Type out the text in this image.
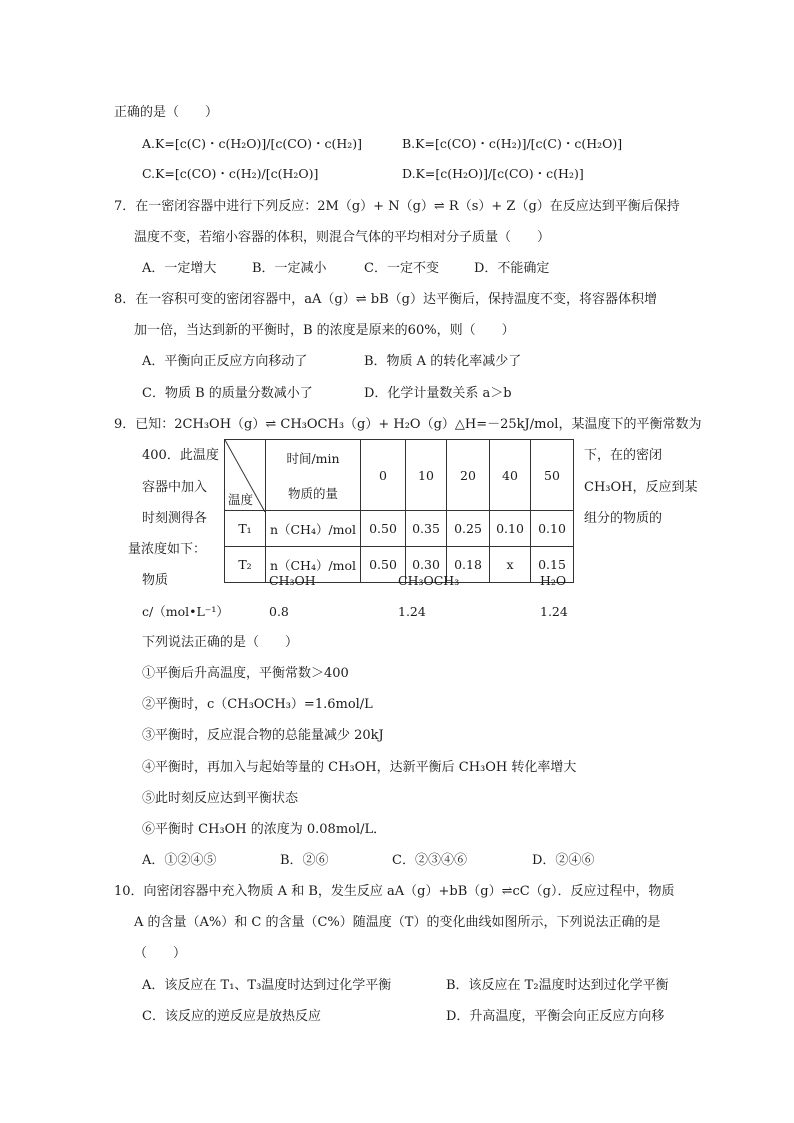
正确的是（　　）
A.K=[c(C)・c(H₂O)]/[c(CO)・c(H₂)]	B.K=[c(CO)・c(H₂)]/[c(C)・c(H₂O)]
C.K=[c(CO)・c(H₂)/[c(H₂O)]	D.K=[c(H₂O)]/[c(CO)・c(H₂)]
7．在一密闭容器中进行下列反应：2M（g）+ N（g）⇌ R（s）+ Z（g）在反应达到平衡后保持
温度不变，若缩小容器的体积，则混合气体的平均相对分子质量（　　）
A．一定增大	B．一定减小	C．一定不变	D．不能确定
8．在一容积可变的密闭容器中，aA（g）⇌ bB（g）达平衡后，保持温度不变，将容器体积增
加一倍，当达到新的平衡时，B 的浓度是原来的60%，则（　　）
A．平衡向正反应方向移动了	B．物质 A 的转化率减少了
C．物质 B 的质量分数减小了	D．化学计量数关系 a＞b
9．已知：2CH₃OH（g）⇌ CH₃OCH₃（g）+ H₂O（g）△H=－25kJ/mol，某温度下的平衡常数为
400．此温度
容器中加入
时刻测得各
量浓度如下：
下，在的密闭
CH₃OH，反应到某
组分的物质的
温度	时间/min	0	10	20	40	50
	物质的量					
T₁	n（CH₄）/mol	0.50	0.35	0.25	0.10	0.10
T₂	n（CH₄）/mol	0.50	0.30	0.18	x	0.15
物质	CH₃OH	CH₃OCH₃	H₂O
c/（mol•L⁻¹）	0.8	1.24	1.24
下列说法正确的是（　　）
①平衡后升高温度，平衡常数＞400
②平衡时，c（CH₃OCH₃）=1.6mol/L
③平衡时，反应混合物的总能量减少 20kJ
④平衡时，再加入与起始等量的 CH₃OH，达新平衡后 CH₃OH 转化率增大
⑤此时刻反应达到平衡状态
⑥平衡时 CH₃OH 的浓度为 0.08mol/L．
A．①②④⑤	B．②⑥	C．②③④⑥	D．②④⑥
10．向密闭容器中充入物质 A 和 B，发生反应 aA（g）+bB（g）⇌cC（g）．反应过程中，物质
A 的含量（A%）和 C 的含量（C%）随温度（T）的变化曲线如图所示，下列说法正确的是
（　　）
A．该反应在 T₁、T₃温度时达到过化学平衡	B．该反应在 T₂温度时达到过化学平衡
C．该反应的逆反应是放热反应	D．升高温度，平衡会向正反应方向移
